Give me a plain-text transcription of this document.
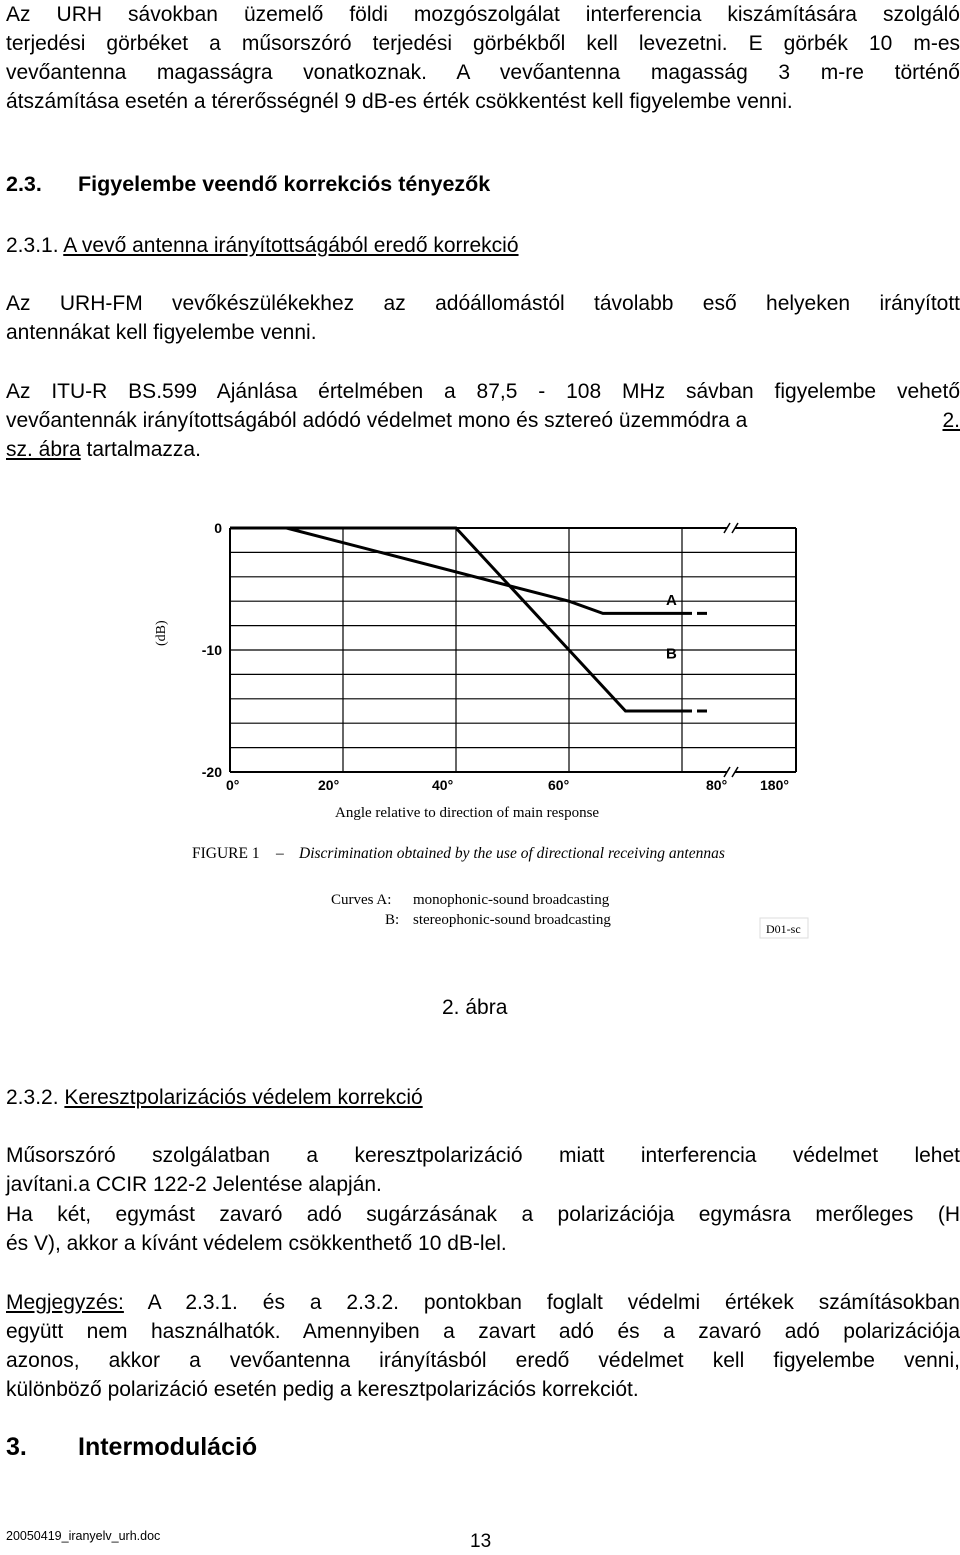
Az URH sávokban üzemelő földi mozgószolgálat interferencia kiszámítására szolgáló
terjedési görbéket a műsorszóró terjedési görbékből kell levezetni. E görbék 10 m-es
vevőantenna magasságra vonatkoznak. A vevőantenna magasság 3 m-re történő
átszámítása esetén a térerősségnél 9 dB-es érték csökkentést kell figyelembe venni.
2.3. Figyelembe veendő korrekciós tényezők
2.3.1. A vevő antenna irányítottságából eredő korrekció
Az URH-FM vevőkészülékekhez az adóállomástól távolabb eső helyeken irányított
antennákat kell figyelembe venni.
Az ITU-R BS.599 Ajánlása értelmében a 87,5 - 108 MHz sávban figyelembe vehető
vevőantennák irányítottságából adódó védelmet mono és sztereó üzemmódra a	2.
sz. ábra tartalmazza.
A
B
0
-10
-20
0°	20°	40°	60°	80° 180°
(dB)
Angle relative to direction of main response
FIGURE 1 – Discrimination obtained by the use of directional receiving antennas
Curves A: monophonic-sound broadcasting
B: stereophonic-sound broadcasting
D01-sc
2. ábra
2.3.2. Keresztpolarizációs védelem korrekció
Műsorszóró szolgálatban a keresztpolarizáció miatt interferencia védelmet lehet
javítani.a CCIR 122-2 Jelentése alapján.
Ha két, egymást zavaró adó sugárzásának a polarizációja egymásra merőleges (H
és V), akkor a kívánt védelem csökkenthető 10 dB-lel.
Megjegyzés: A 2.3.1. és a 2.3.2. pontokban foglalt védelmi értékek számításokban
együtt nem használhatók. Amennyiben a zavart adó és a zavaró adó polarizációja
azonos, akkor a vevőantenna irányításból eredő védelmet kell figyelembe venni,
különböző polarizáció esetén pedig a keresztpolarizációs korrekciót.
3. Intermoduláció
20050419_iranyelv_urh.doc	13
